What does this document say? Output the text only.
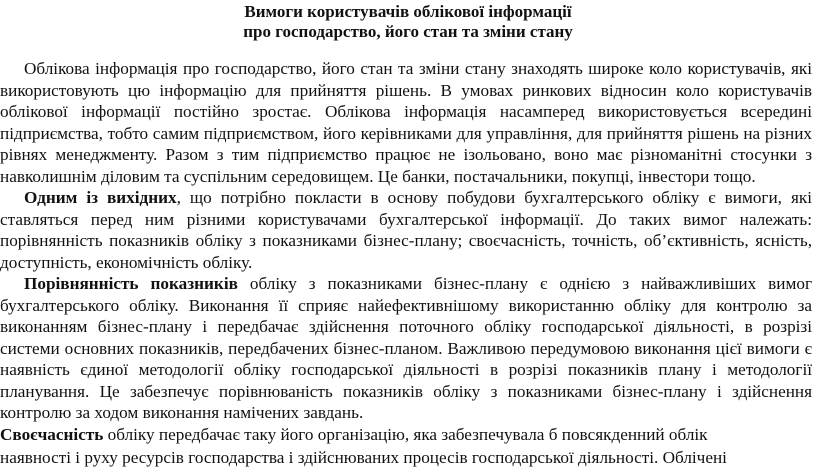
Вимоги користувачів облікової інформації
про господарство, його стан та зміни стану

Облікова інформація про господарство, його стан та зміни стану знаходять широке коло користувачів, які використовують цю інформацію для прийняття рішень. В умовах ринкових відносин коло користувачів облікової інформації постійно зростає. Облікова інформація насамперед використовується всередині підприємства, тобто самим підприємством, його керівниками для управління, для прийняття рішень на різних рівнях менеджменту. Разом з тим підприємство працює не ізольовано, воно має різноманітні стосунки з навколишнім діловим та суспільним середовищем. Це банки, постачальники, покупці, інвестори тощо.

Одним із вихідних, що потрібно покласти в основу побудови бухгалтерського обліку є вимоги, які ставляться перед ним різними користувачами бухгалтерської інформації. До таких вимог належать: порівнянність показників обліку з показниками бізнес-плану; своєчасність, точність, об’єктивність, ясність, доступність, економічність обліку.

Порівнянність показників обліку з показниками бізнес-плану є однією з найважливіших вимог бухгалтерського обліку. Виконання її сприяє найефективнішому використанню обліку для контролю за виконанням бізнес-плану і передбачає здійснення поточного обліку господарської діяльності, в розрізі системи основних показників, передбачених бізнес-планом. Важливою передумовою виконання цієї вимоги є наявність єдиної методології обліку господарської діяльності в розрізі показників плану і методології планування. Це забезпечує порівнюваність показників обліку з показниками бізнес-плану і здійснення контролю за ходом виконання намічених завдань.

Своєчасність обліку передбачає таку його організацію, яка забезпечувала б повсякденний облік

наявності і руху ресурсів господарства і здійснюваних процесів господарської діяльності. Облічені
